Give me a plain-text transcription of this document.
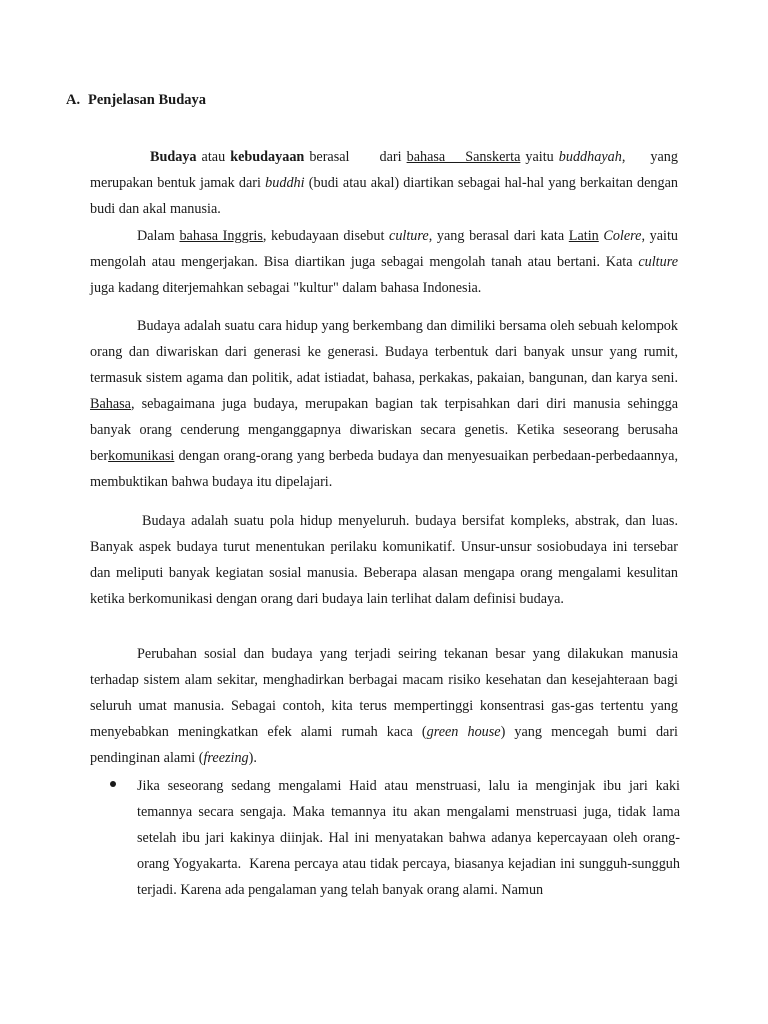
A. Penjelasan Budaya

Budaya atau kebudayaan berasal      dari bahasa    Sanskerta yaitu buddhayah,     yang merupakan bentuk jamak dari buddhi (budi atau akal) diartikan sebagai hal-hal yang berkaitan dengan budi dan akal manusia.

Dalam bahasa Inggris, kebudayaan disebut culture, yang berasal dari kata Latin Colere, yaitu mengolah atau mengerjakan. Bisa diartikan juga sebagai mengolah tanah atau bertani. Kata culture juga kadang diterjemahkan sebagai "kultur" dalam bahasa Indonesia.

Budaya adalah suatu cara hidup yang berkembang dan dimiliki bersama oleh sebuah kelompok orang dan diwariskan dari generasi ke generasi. Budaya terbentuk dari banyak unsur yang rumit, termasuk sistem agama dan politik, adat istiadat, bahasa, perkakas, pakaian, bangunan, dan karya seni. Bahasa, sebagaimana juga budaya, merupakan bagian tak terpisahkan dari diri manusia sehingga banyak orang cenderung menganggapnya diwariskan secara genetis. Ketika seseorang berusaha berkomunikasi dengan orang-orang yang berbeda budaya dan menyesuaikan perbedaan-perbedaannya, membuktikan bahwa budaya itu dipelajari.

Budaya adalah suatu pola hidup menyeluruh. budaya bersifat kompleks, abstrak, dan luas. Banyak aspek budaya turut menentukan perilaku komunikatif. Unsur-unsur sosiobudaya ini tersebar dan meliputi banyak kegiatan sosial manusia. Beberapa alasan mengapa orang mengalami kesulitan ketika berkomunikasi dengan orang dari budaya lain terlihat dalam definisi budaya.

Perubahan sosial dan budaya yang terjadi seiring tekanan besar yang dilakukan manusia terhadap sistem alam sekitar, menghadirkan berbagai macam risiko kesehatan dan kesejahteraan bagi seluruh umat manusia. Sebagai contoh, kita terus mempertinggi konsentrasi gas-gas tertentu yang menyebabkan meningkatkan efek alami rumah kaca (green house) yang mencegah bumi dari pendinginan alami (freezing).

Jika seseorang sedang mengalami Haid atau menstruasi, lalu ia menginjak ibu jari kaki temannya secara sengaja. Maka temannya itu akan mengalami menstruasi juga, tidak lama setelah ibu jari kakinya diinjak. Hal ini menyatakan bahwa adanya kepercayaan oleh orang-orang Yogyakarta.  Karena percaya atau tidak percaya, biasanya kejadian ini sungguh-sungguh terjadi. Karena ada pengalaman yang telah banyak orang alami. Namun
